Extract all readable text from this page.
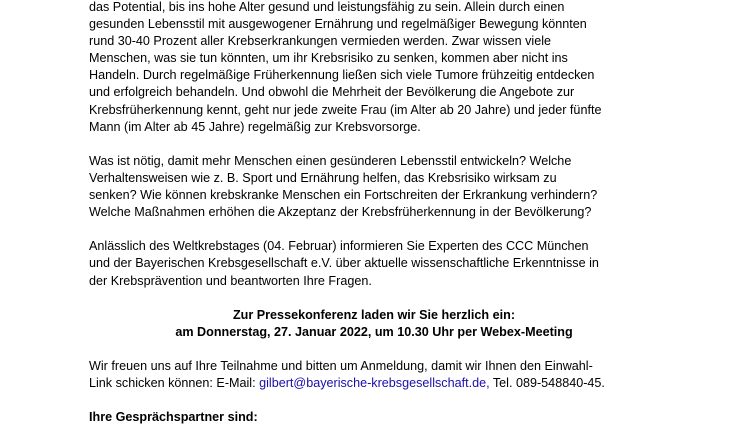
das Potential, bis ins hohe Alter gesund und leistungsfähig zu sein. Allein durch einen
gesunden Lebensstil mit ausgewogener Ernährung und regelmäßiger Bewegung könnten
rund 30-40 Prozent aller Krebserkrankungen vermieden werden. Zwar wissen viele
Menschen, was sie tun könnten, um ihr Krebsrisiko zu senken, kommen aber nicht ins
Handeln. Durch regelmäßige Früherkennung ließen sich viele Tumore frühzeitig entdecken
und erfolgreich behandeln. Und obwohl die Mehrheit der Bevölkerung die Angebote zur
Krebsfrüherkennung kennt, geht nur jede zweite Frau (im Alter ab 20 Jahre) und jeder fünfte
Mann (im Alter ab 45 Jahre) regelmäßig zur Krebsvorsorge.
Was ist nötig, damit mehr Menschen einen gesünderen Lebensstil entwickeln? Welche
Verhaltensweisen wie z. B. Sport und Ernährung helfen, das Krebsrisiko wirksam zu
senken? Wie können krebskranke Menschen ein Fortschreiten der Erkrankung verhindern?
Welche Maßnahmen erhöhen die Akzeptanz der Krebsfrüherkennung in der Bevölkerung?
Anlässlich des Weltkrebstages (04. Februar) informieren Sie Experten des CCC München
und der Bayerischen Krebsgesellschaft e.V. über aktuelle wissenschaftliche Erkenntnisse in
der Krebsprävention und beantworten Ihre Fragen.
Zur Pressekonferenz laden wir Sie herzlich ein:
am Donnerstag, 27. Januar 2022, um 10.30 Uhr per Webex-Meeting
Wir freuen uns auf Ihre Teilnahme und bitten um Anmeldung, damit wir Ihnen den Einwahl-
Link schicken können: E-Mail: gilbert@bayerische-krebsgesellschaft.de, Tel. 089-548840-45.
Ihre Gesprächspartner sind:
